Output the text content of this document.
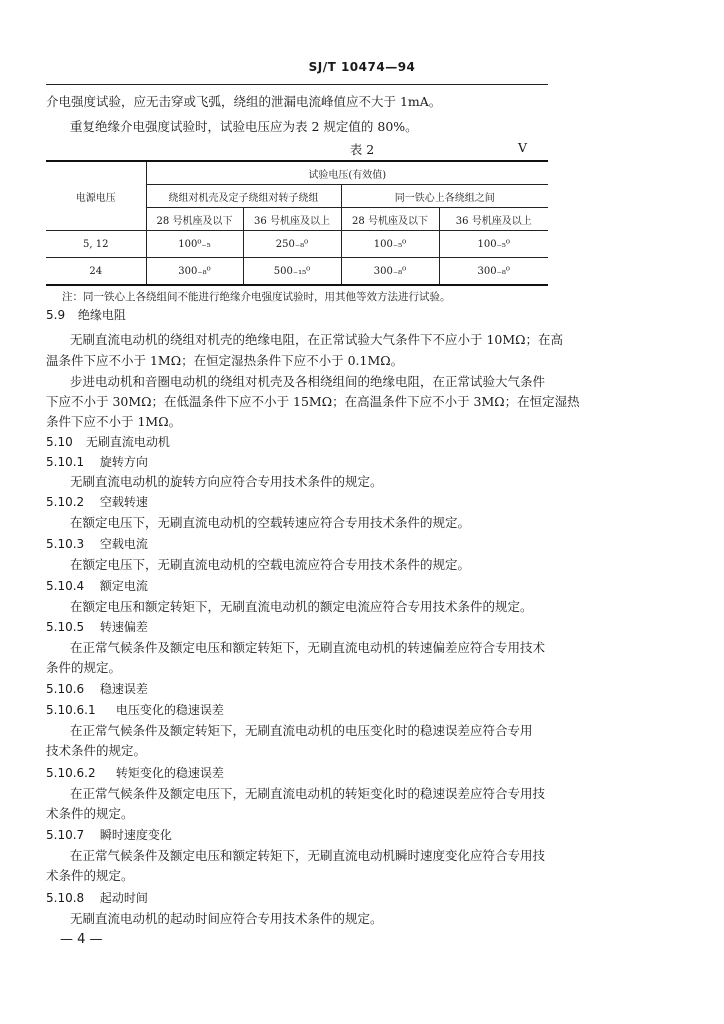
SJ/T 10474—94
介电强度试验，应无击穿或飞弧，绕组的泄漏电流峰值应不大于 1mA。
重复绝缘介电强度试验时，试验电压应为表 2 规定值的 80%。
表 2	V
电源电压	试验电压(有效值)			
	绕组对机壳及定子绕组对转子绕组		同一铁心上各绕组之间	
	28 号机座及以下	36 号机座及以上	28 号机座及以下	36 号机座及以上
5, 12	100⁰₋₅	250₋₈⁰	100₋₅⁰	100₋₅⁰
24	300₋₈⁰	500₋₁₅⁰	300₋₈⁰	300₋₈⁰
注：同一铁心上各绕组间不能进行绝缘介电强度试验时，用其他等效方法进行试验。
5.9 绝缘电阻
无刷直流电动机的绕组对机壳的绝缘电阻，在正常试验大气条件下不应小于 10MΩ；在高
温条件下应不小于 1MΩ；在恒定湿热条件下应不小于 0.1MΩ。
步进电动机和音圈电动机的绕组对机壳及各相绕组间的绝缘电阻，在正常试验大气条件
下应不小于 30MΩ；在低温条件下应不小于 15MΩ；在高温条件下应不小于 3MΩ；在恒定湿热
条件下应不小于 1MΩ。
5.10 无刷直流电动机
5.10.1 旋转方向
无刷直流电动机的旋转方向应符合专用技术条件的规定。
5.10.2 空载转速
在额定电压下，无刷直流电动机的空载转速应符合专用技术条件的规定。
5.10.3 空载电流
在额定电压下，无刷直流电动机的空载电流应符合专用技术条件的规定。
5.10.4 额定电流
在额定电压和额定转矩下，无刷直流电动机的额定电流应符合专用技术条件的规定。
5.10.5 转速偏差
在正常气候条件及额定电压和额定转矩下，无刷直流电动机的转速偏差应符合专用技术
条件的规定。
5.10.6 稳速误差
5.10.6.1 电压变化的稳速误差
在正常气候条件及额定转矩下，无刷直流电动机的电压变化时的稳速误差应符合专用
技术条件的规定。
5.10.6.2 转矩变化的稳速误差
在正常气候条件及额定电压下，无刷直流电动机的转矩变化时的稳速误差应符合专用技
术条件的规定。
5.10.7 瞬时速度变化
在正常气候条件及额定电压和额定转矩下，无刷直流电动机瞬时速度变化应符合专用技
术条件的规定。
5.10.8 起动时间
无刷直流电动机的起动时间应符合专用技术条件的规定。
— 4 —
